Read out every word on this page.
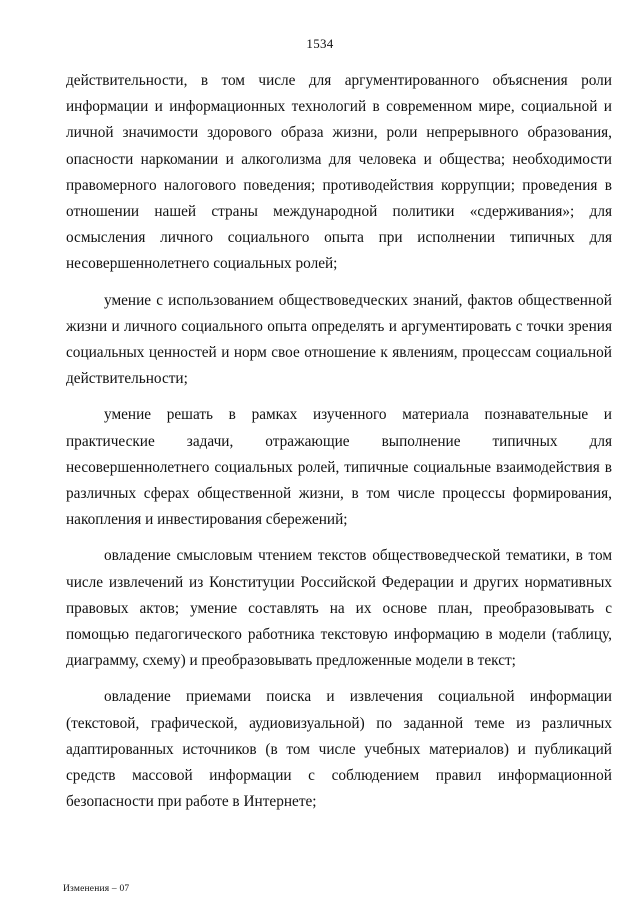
1534

действительности, в том числе для аргументированного объяснения роли информации и информационных технологий в современном мире, социальной и личной значимости здорового образа жизни, роли непрерывного образования, опасности наркомании и алкоголизма для человека и общества; необходимости правомерного налогового поведения; противодействия коррупции; проведения в отношении нашей страны международной политики «сдерживания»; для осмысления личного социального опыта при исполнении типичных для несовершеннолетнего социальных ролей;

умение с использованием обществоведческих знаний, фактов общественной жизни и личного социального опыта определять и аргументировать с точки зрения социальных ценностей и норм свое отношение к явлениям, процессам социальной действительности;

умение решать в рамках изученного материала познавательные и практические задачи, отражающие выполнение типичных для несовершеннолетнего социальных ролей, типичные социальные взаимодействия в различных сферах общественной жизни, в том числе процессы формирования, накопления и инвестирования сбережений;

овладение смысловым чтением текстов обществоведческой тематики, в том числе извлечений из Конституции Российской Федерации и других нормативных правовых актов; умение составлять на их основе план, преобразовывать с помощью педагогического работника текстовую информацию в модели (таблицу, диаграмму, схему) и преобразовывать предложенные модели в текст;

овладение приемами поиска и извлечения социальной информации (текстовой, графической, аудиовизуальной) по заданной теме из различных адаптированных источников (в том числе учебных материалов) и публикаций средств массовой информации с соблюдением правил информационной безопасности при работе в Интернете;

Изменения – 07
